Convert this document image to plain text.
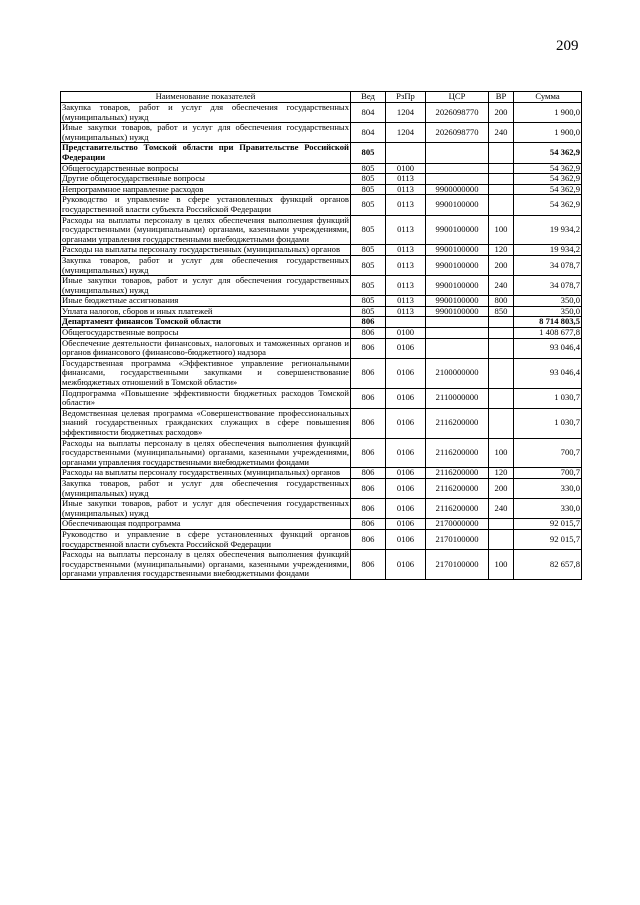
209
Наименование показателей	Вед	РзПр	ЦСР	ВР	Сумма
Закупка товаров, работ и услуг для обеспечения государственных (муниципальных) нужд	804	1204	2026098770	200	1 900,0
Иные закупки товаров, работ и услуг для обеспечения государственных (муниципальных) нужд	804	1204	2026098770	240	1 900,0
Представительство Томской области при Правительстве Российской Федерации	805				54 362,9
Общегосударственные вопросы	805	0100			54 362,9
Другие общегосударственные вопросы	805	0113			54 362,9
Непрограммное направление расходов	805	0113	9900000000		54 362,9
Руководство и управление в сфере установленных функций органов государственной власти субъекта Российской Федерации	805	0113	9900100000		54 362,9
Расходы на выплаты персоналу в целях обеспечения выполнения функций государственными (муниципальными) органами, казенными учреждениями, органами управления государственными внебюджетными фондами	805	0113	9900100000	100	19 934,2
Расходы на выплаты персоналу государственных (муниципальных) органов	805	0113	9900100000	120	19 934,2
Закупка товаров, работ и услуг для обеспечения государственных (муниципальных) нужд	805	0113	9900100000	200	34 078,7
Иные закупки товаров, работ и услуг для обеспечения государственных (муниципальных) нужд	805	0113	9900100000	240	34 078,7
Иные бюджетные ассигнования	805	0113	9900100000	800	350,0
Уплата налогов, сборов и иных платежей	805	0113	9900100000	850	350,0
Департамент финансов Томской области	806				8 714 803,5
Общегосударственные вопросы	806	0100			1 408 677,8
Обеспечение деятельности финансовых, налоговых и таможенных органов и органов финансового (финансово-бюджетного) надзора	806	0106			93 046,4
Государственная программа «Эффективное управление региональными финансами, государственными закупками и совершенствование межбюджетных отношений в Томской области»	806	0106	2100000000		93 046,4
Подпрограмма «Повышение эффективности бюджетных расходов Томской области»	806	0106	2110000000		1 030,7
Ведомственная целевая программа «Совершенствование профессиональных знаний государственных гражданских служащих в сфере повышения эффективности бюджетных расходов»	806	0106	2116200000		1 030,7
Расходы на выплаты персоналу в целях обеспечения выполнения функций государственными (муниципальными) органами, казенными учреждениями, органами управления государственными внебюджетными фондами	806	0106	2116200000	100	700,7
Расходы на выплаты персоналу государственных (муниципальных) органов	806	0106	2116200000	120	700,7
Закупка товаров, работ и услуг для обеспечения государственных (муниципальных) нужд	806	0106	2116200000	200	330,0
Иные закупки товаров, работ и услуг для обеспечения государственных (муниципальных) нужд	806	0106	2116200000	240	330,0
Обеспечивающая подпрограмма	806	0106	2170000000		92 015,7
Руководство и управление в сфере установленных функций органов государственной власти субъекта Российской Федерации	806	0106	2170100000		92 015,7
Расходы на выплаты персоналу в целях обеспечения выполнения функций государственными (муниципальными) органами, казенными учреждениями, органами управления государственными внебюджетными фондами	806	0106	2170100000	100	82 657,8
